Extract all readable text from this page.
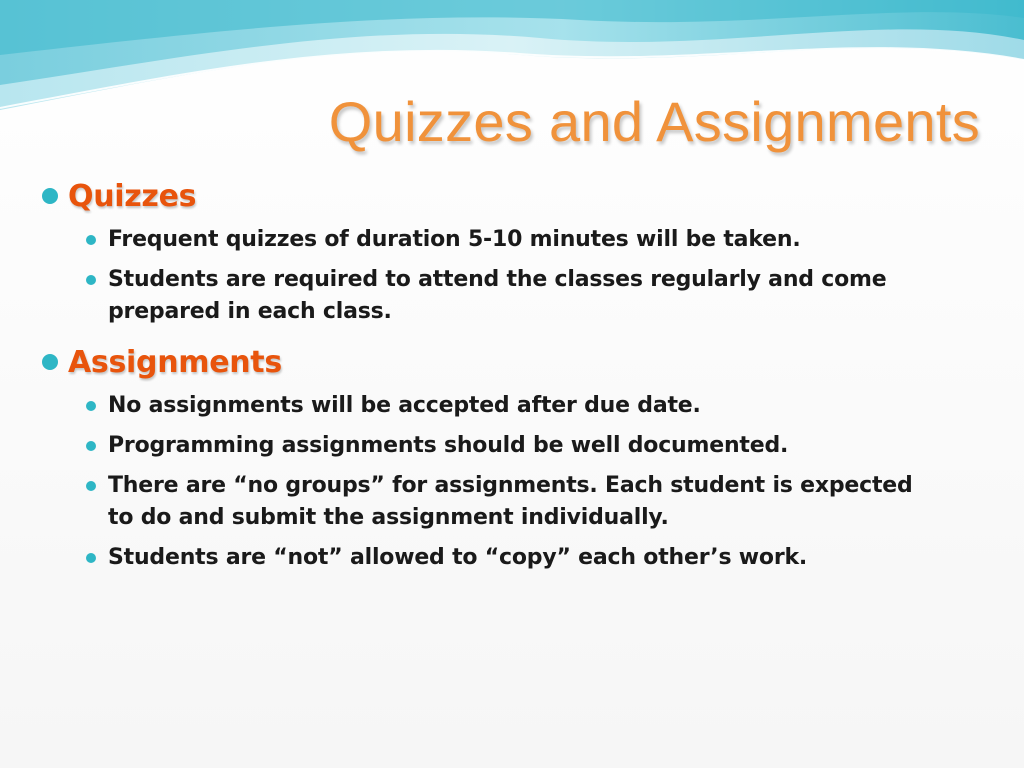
Quizzes and Assignments
Quizzes
Frequent quizzes of duration 5-10 minutes will be taken.
Students are required to attend the classes regularly and come prepared in each class.
Assignments
No assignments will be accepted after due date.
Programming assignments should be well documented.
There are “no groups” for assignments. Each student is expected to do and submit the assignment individually.
Students are “not” allowed to “copy” each other’s work.
